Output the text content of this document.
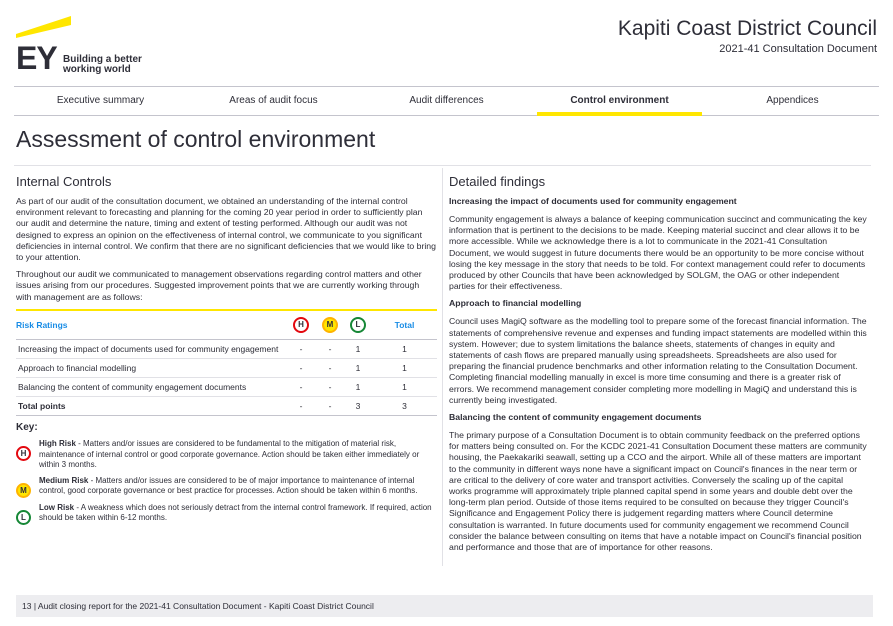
EY Building a better
working world
Kapiti Coast District Council
2021-41 Consultation Document
Executive summary	Areas of audit focus	Audit differences	Control environment	Appendices
Assessment of control environment
Internal Controls

As part of our audit of the consultation document, we obtained an understanding of the internal control environment relevant to forecasting and planning for the coming 20 year period in order to sufficiently plan our audit and determine the nature, timing and extent of testing performed. Although our audit was not designed to express an opinion on the effectiveness of internal control, we communicate to you significant deficiencies in internal control. We confirm that there are no significant deficiencies that we would like to bring to your attention.

Throughout our audit we communicated to management observations regarding control matters and other issues arising from our procedures. Suggested improvement points that we are currently working through with management are as follows:

Risk Ratings	H	M	L	Total
Increasing the impact of documents used for community engagement	-	-	1	1
Approach to financial modelling	-	-	1	1
Balancing the content of community engagement documents	-	-	1	1
Total points	-	-	3	3
Key:
H
High Risk - Matters and/or issues are considered to be fundamental to the mitigation of material risk, maintenance of internal control or good corporate governance. Action should be taken either immediately or within 3 months.
M
Medium Risk - Matters and/or issues are considered to be of major importance to maintenance of internal control, good corporate governance or best practice for processes. Action should be taken within 6 months.
L
Low Risk - A weakness which does not seriously detract from the internal control framework. If required, action should be taken within 6-12 months.
Detailed findings
Increasing the impact of documents used for community engagement

Community engagement is always a balance of keeping communication succinct and communicating the key information that is pertinent to the decisions to be made. Keeping material succinct and clear allows it to be more accessible. While we acknowledge there is a lot to communicate in the 2021-41 Consultation Document, we would suggest in future documents there would be an opportunity to be more concise without losing the key message in the story that needs to be told. For context management could refer to documents produced by other Councils that have been acknowledged by SOLGM, the OAG or other independent parties for their effectiveness.

Approach to financial modelling

Council uses MagiQ software as the modelling tool to prepare some of the forecast financial information. The statements of comprehensive revenue and expenses and funding impact statements are modelled within this system. However; due to system limitations the balance sheets, statements of changes in equity and statements of cash flows are prepared manually using spreadsheets. Spreadsheets are also used for preparing the financial prudence benchmarks and other information relating to the Consultation Document. Completing financial modelling manually in excel is more time consuming and there is a greater risk of errors. We recommend management consider completing more modelling in MagiQ and understand this is currently being investigated.

Balancing the content of community engagement documents

The primary purpose of a Consultation Document is to obtain community feedback on the preferred options for matters being consulted on. For the KCDC 2021-41 Consultation Document these matters are community housing, the Paekakariki seawall, setting up a CCO and the airport. While all of these matters are important to the community in different ways none have a significant impact on Council's finances in the near term or are critical to the delivery of core water and transport activities. Conversely the scaling up of the capital works programme will approximately triple planned capital spend in some years and double debt over the long-term plan period. Outside of those items required to be consulted on because they trigger Council's Significance and Engagement Policy there is judgement regarding matters where Council determine consultation is warranted. In future documents used for community engagement we recommend Council consider the balance between consulting on items that have a notable impact on Council's financial position and performance and those that are of importance for other reasons.

13 | Audit closing report for the 2021-41 Consultation Document - Kapiti Coast District Council
